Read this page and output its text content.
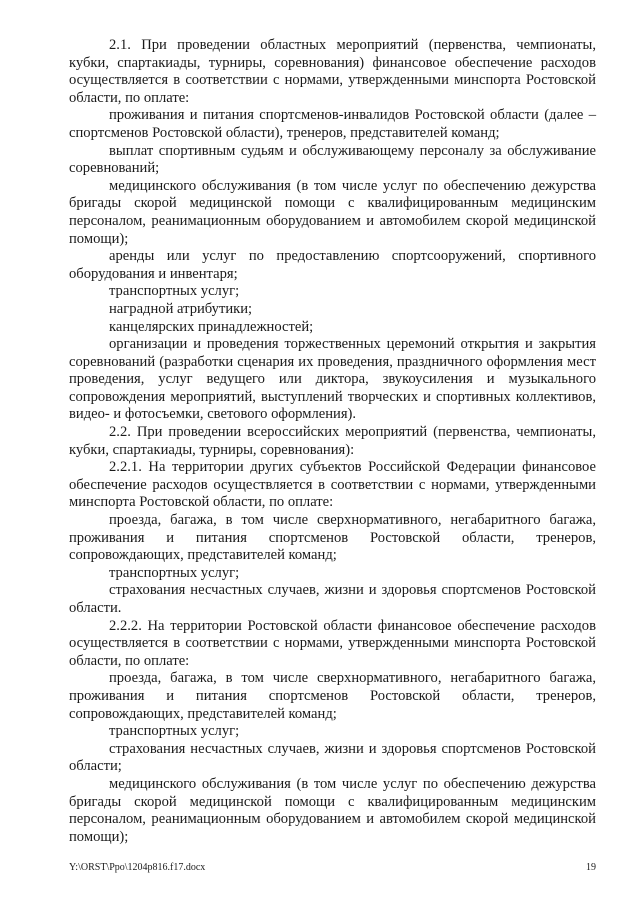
2.1. При проведении областных мероприятий (первенства, чемпионаты, кубки, спартакиады, турниры, соревнования) финансовое обеспечение расходов осуществляется в соответствии с нормами, утвержденными минспорта Ростовской области, по оплате:

проживания и питания спортсменов-инвалидов Ростовской области (далее – спортсменов Ростовской области), тренеров, представителей команд;

выплат спортивным судьям и обслуживающему персоналу за обслуживание соревнований;

медицинского обслуживания (в том числе услуг по обеспечению дежурства бригады скорой медицинской помощи с квалифицированным медицинским персоналом, реанимационным оборудованием и автомобилем скорой медицинской помощи);

аренды или услуг по предоставлению спортсооружений, спортивного оборудования и инвентаря;

транспортных услуг;

наградной атрибутики;

канцелярских принадлежностей;

организации и проведения торжественных церемоний открытия и закрытия соревнований (разработки сценария их проведения, праздничного оформления мест проведения, услуг ведущего или диктора, звукоусиления и музыкального сопровождения мероприятий, выступлений творческих и спортивных коллективов, видео- и фотосъемки, светового оформления).

2.2. При проведении всероссийских мероприятий (первенства, чемпионаты, кубки, спартакиады, турниры, соревнования):

2.2.1. На территории других субъектов Российской Федерации финансовое обеспечение расходов осуществляется в соответствии с нормами, утвержденными минспорта Ростовской области, по оплате:

проезда, багажа, в том числе сверхнормативного, негабаритного багажа, проживания и питания спортсменов Ростовской области, тренеров, сопровождающих, представителей команд;

транспортных услуг;

страхования несчастных случаев, жизни и здоровья спортсменов Ростовской области.

2.2.2. На территории Ростовской области финансовое обеспечение расходов осуществляется в соответствии с нормами, утвержденными минспорта Ростовской области, по оплате:

проезда, багажа, в том числе сверхнормативного, негабаритного багажа, проживания и питания спортсменов Ростовской области, тренеров, сопровождающих, представителей команд;

транспортных услуг;

страхования несчастных случаев, жизни и здоровья спортсменов Ростовской области;

медицинского обслуживания (в том числе услуг по обеспечению дежурства бригады скорой медицинской помощи с квалифицированным медицинским персоналом, реанимационным оборудованием и автомобилем скорой медицинской помощи);

Y:\ORST\Ppo\1204p816.f17.docx	19
